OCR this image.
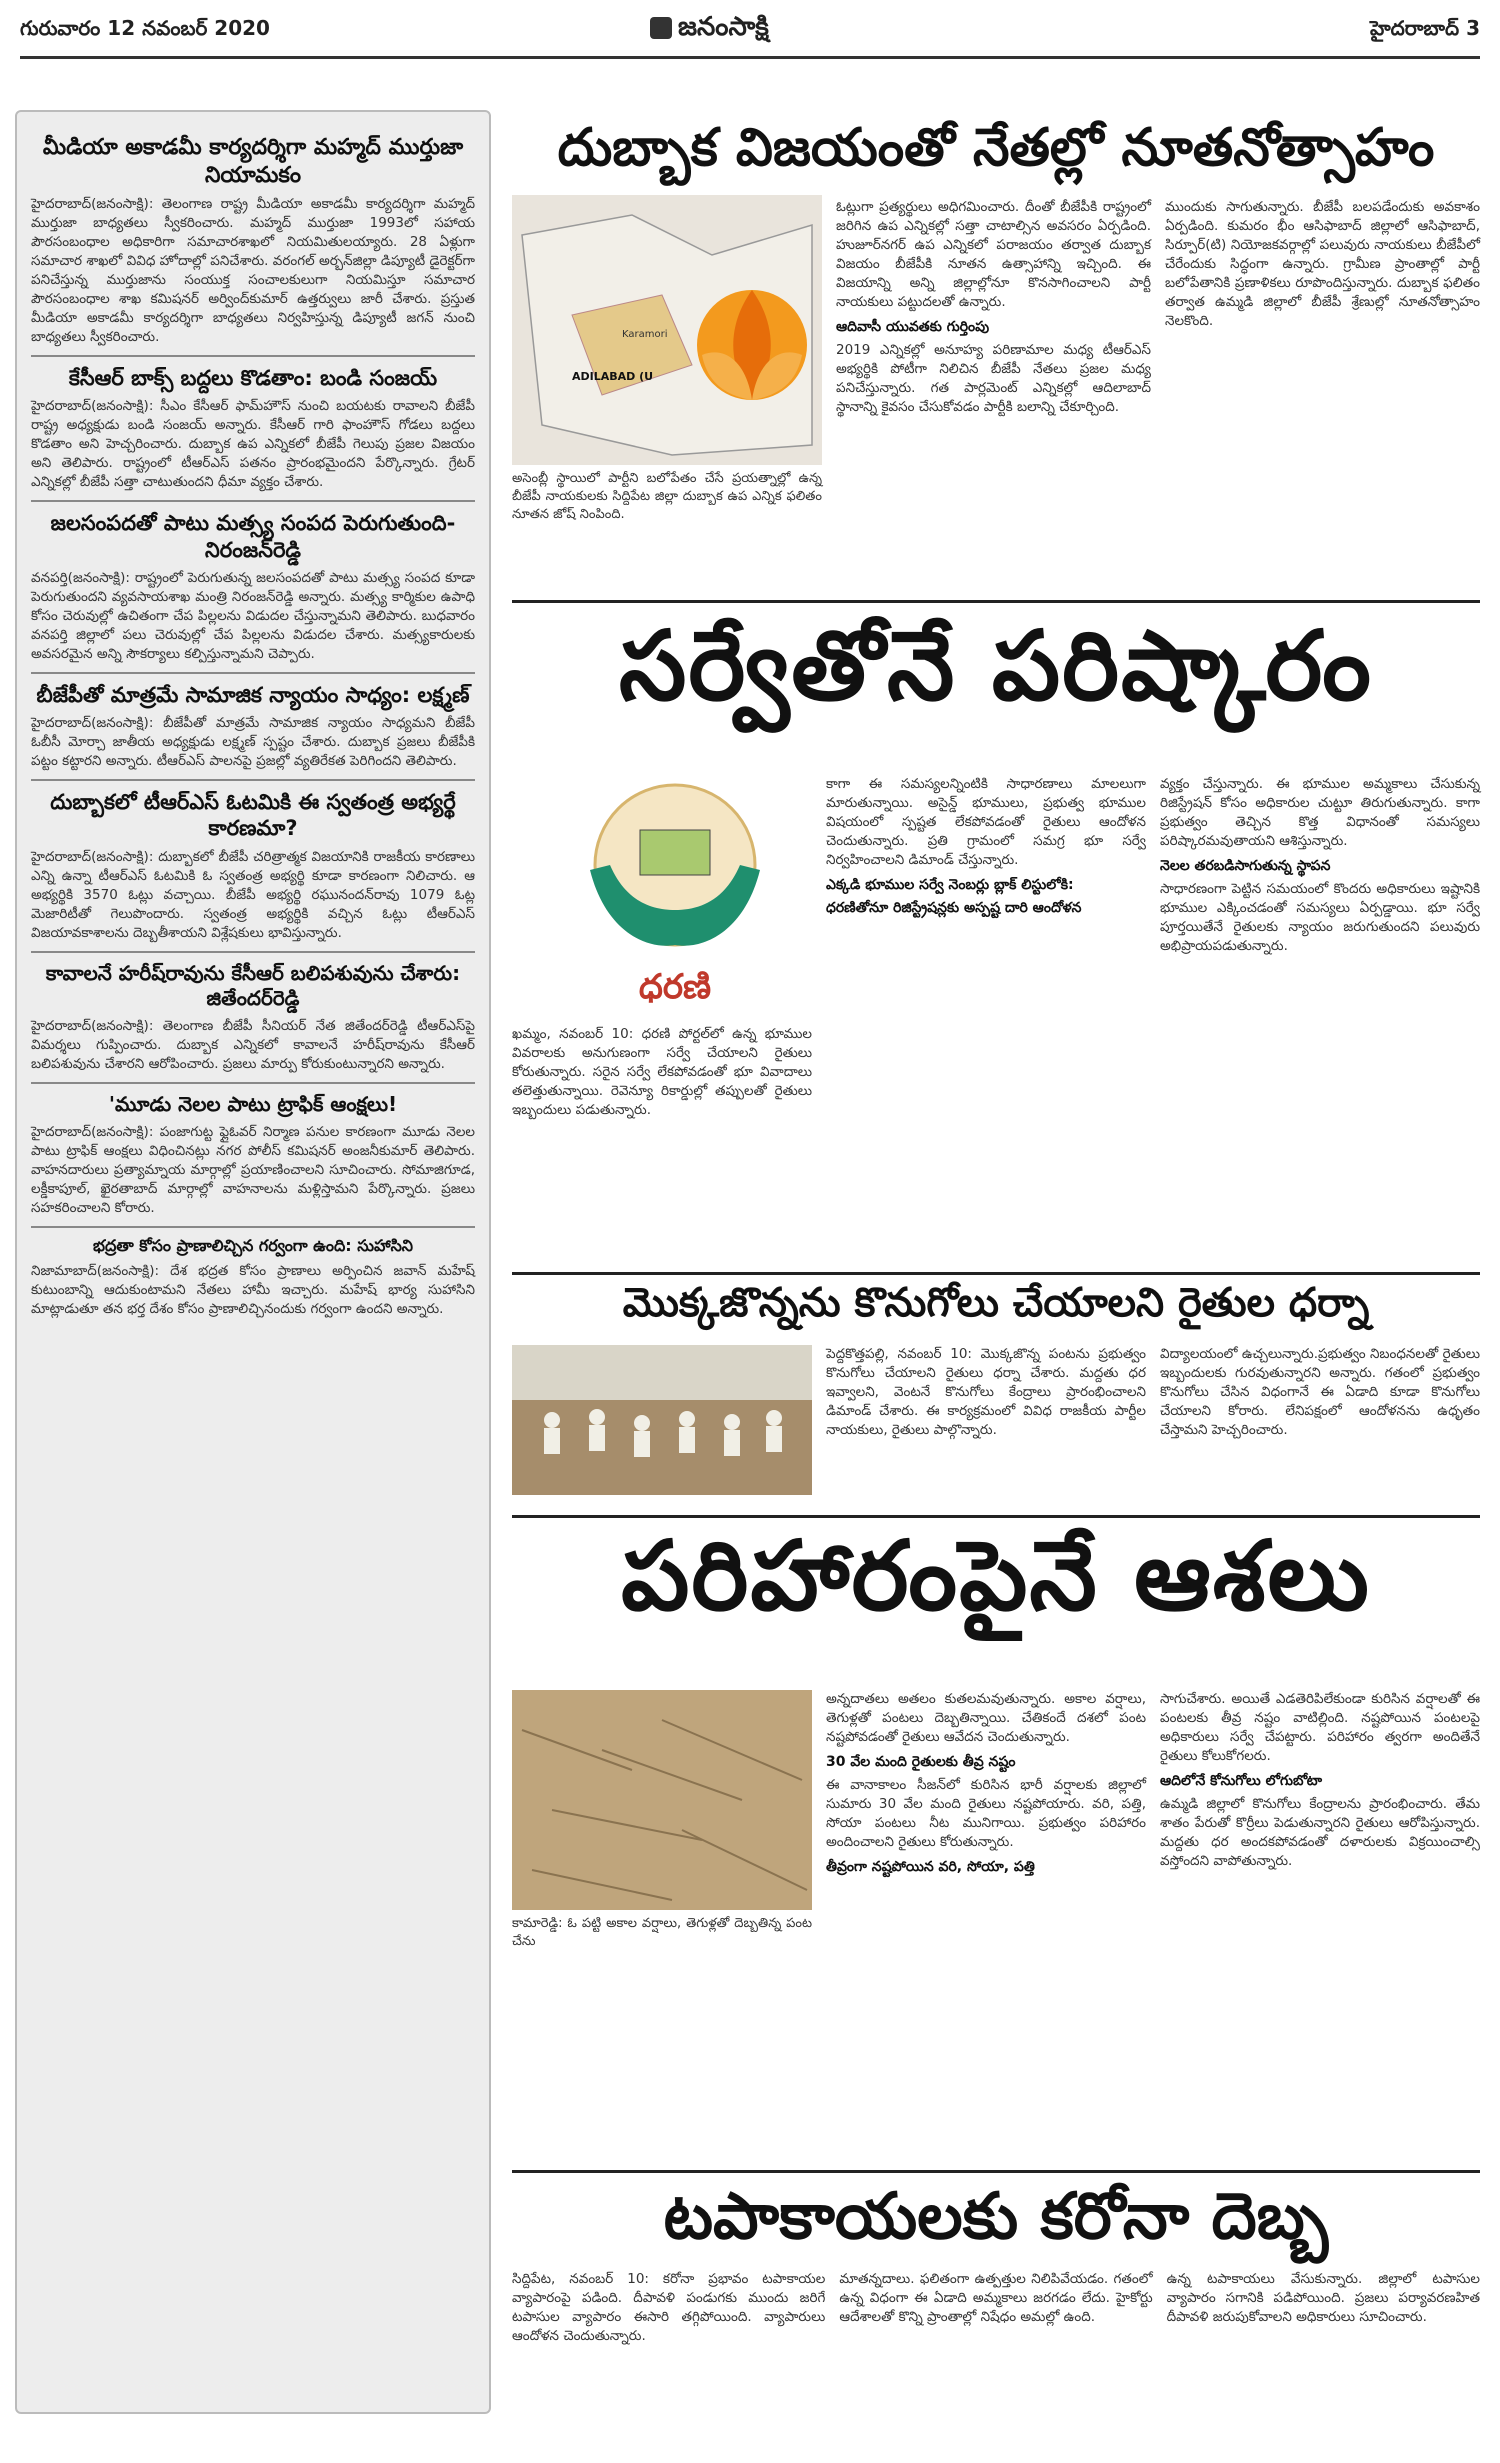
గురువారం 12 నవంబర్ 2020	జనంసాక్షి	హైదరాబాద్ 3
మీడియా అకాడమీ కార్యదర్శిగా మహ్మద్ ముర్తుజా నియామకం

హైదరాబాద్‌(జనంసాక్షి): తెలంగాణ రాష్ట్ర మీడియా అకాడమీ కార్యదర్శిగా మహ్మద్ ముర్తుజా బాధ్యతలు స్వీకరించారు. మహ్మద్ ముర్తుజా 1993లో సహాయ పౌరసంబంధాల అధికారిగా సమాచారశాఖలో నియమితులయ్యారు. 28 ఏళ్లుగా సమాచార శాఖలో వివిధ హోదాల్లో పనిచేశారు. వరంగల్ అర్బన్‌జిల్లా డిప్యూటీ డైరెక్టర్‌గా పనిచేస్తున్న ముర్తుజాను సంయుక్త సంచాలకులుగా నియమిస్తూ సమాచార పౌరసంబంధాల శాఖ కమిషనర్ అర్వింద్‌కుమార్ ఉత్తర్వులు జారీ చేశారు. ప్రస్తుత మీడియా అకాడమీ కార్యదర్శిగా బాధ్యతలు నిర్వహిస్తున్న డిప్యూటీ జగన్ నుంచి బాధ్యతలు స్వీకరించారు.

కేసీఆర్ బాక్స్ బద్దలు కొడతాం: బండి సంజయ్

హైదరాబాద్‌(జనంసాక్షి): సీఎం కేసీఆర్ ఫామ్‌హౌస్ నుంచి బయటకు రావాలని బీజేపీ రాష్ట్ర అధ్యక్షుడు బండి సంజయ్ అన్నారు. కేసీఆర్ గారి ఫాంహౌస్‌ గోడలు బద్దలు కొడతాం అని హెచ్చరించారు. దుబ్బాక ఉప ఎన్నికలో బీజేపీ గెలుపు ప్రజల విజయం అని తెలిపారు. రాష్ట్రంలో టీఆర్‌ఎస్ పతనం ప్రారంభమైందని పేర్కొన్నారు. గ్రేటర్ ఎన్నికల్లో బీజేపీ సత్తా చాటుతుందని ధీమా వ్యక్తం చేశారు.

జలసంపదతో పాటు మత్స్య సంపద పెరుగుతుంది- నిరంజన్‌రెడ్డి

వనపర్తి(జనంసాక్షి): రాష్ట్రంలో పెరుగుతున్న జలసంపదతో పాటు మత్స్య సంపద కూడా పెరుగుతుందని వ్యవసాయశాఖ మంత్రి నిరంజన్‌రెడ్డి అన్నారు. మత్స్య కార్మికుల ఉపాధి కోసం చెరువుల్లో ఉచితంగా చేప పిల్లలను విడుదల చేస్తున్నామని తెలిపారు. బుధవారం వనపర్తి జిల్లాలో పలు చెరువుల్లో చేప పిల్లలను విడుదల చేశారు. మత్స్యకారులకు అవసరమైన అన్ని సౌకర్యాలు కల్పిస్తున్నామని చెప్పారు.

బీజేపీతో మాత్రమే సామాజిక న్యాయం సాధ్యం: లక్ష్మణ్

హైదరాబాద్‌(జనంసాక్షి): బీజేపీతో మాత్రమే సామాజిక న్యాయం సాధ్యమని బీజేపీ ఓబీసీ మోర్చా జాతీయ అధ్యక్షుడు లక్ష్మణ్ స్పష్టం చేశారు. దుబ్బాక ప్రజలు బీజేపీకి పట్టం కట్టారని అన్నారు. టీఆర్‌ఎస్ పాలనపై ప్రజల్లో వ్యతిరేకత పెరిగిందని తెలిపారు.

దుబ్బాకలో టీఆర్‌ఎస్ ఓటమికి ఈ స్వతంత్ర అభ్యర్థే కారణమా?

హైదరాబాద్‌(జనంసాక్షి): దుబ్బాకలో బీజేపీ చరిత్రాత్మక విజయానికి రాజకీయ కారణాలు ఎన్ని ఉన్నా టీఆర్ఎస్ ఓటమికి ఓ స్వతంత్ర అభ్యర్థి కూడా కారణంగా నిలిచారు. ఆ అభ్యర్థికి 3570 ఓట్లు వచ్చాయి. బీజేపీ అభ్యర్థి రఘునందన్‌రావు 1079 ఓట్ల మెజారిటీతో గెలుపొందారు. స్వతంత్ర అభ్యర్థికి వచ్చిన ఓట్లు టీఆర్ఎస్ విజయావకాశాలను దెబ్బతీశాయని విశ్లేషకులు భావిస్తున్నారు.

కావాలనే హరీష్‌రావును కేసీఆర్ బలిపశువును చేశారు: జితేందర్‌రెడ్డి

హైదరాబాద్‌(జనంసాక్షి): తెలంగాణ బీజేపీ సీనియర్ నేత జితేందర్‌రెడ్డి టీఆర్‌ఎస్‌పై విమర్శలు గుప్పించారు. దుబ్బాక ఎన్నికలో కావాలనే హరీష్‌రావును కేసీఆర్ బలిపశువును చేశారని ఆరోపించారు. ప్రజలు మార్పు కోరుకుంటున్నారని అన్నారు.

'మూడు నెలల పాటు ట్రాఫిక్ ఆంక్షలు!

హైదరాబాద్‌(జనంసాక్షి): పంజాగుట్ట ఫ్లైఓవర్ నిర్మాణ పనుల కారణంగా మూడు నెలల పాటు ట్రాఫిక్ ఆంక్షలు విధించినట్లు నగర పోలీస్ కమిషనర్ అంజనీకుమార్ తెలిపారు. వాహనదారులు ప్రత్యామ్నాయ మార్గాల్లో ప్రయాణించాలని సూచించారు. సోమాజిగూడ, లక్డీకాపూల్, ఖైరతాబాద్ మార్గాల్లో వాహనాలను మళ్లిస్తామని పేర్కొన్నారు. ప్రజలు సహకరించాలని కోరారు.

భద్రతా కోసం ప్రాణాలిచ్చిన గర్వంగా ఉంది: సుహాసిని

నిజామాబాద్‌(జనంసాక్షి): దేశ భద్రత కోసం ప్రాణాలు అర్పించిన జవాన్ మహేష్ కుటుంబాన్ని ఆదుకుంటామని నేతలు హామీ ఇచ్చారు. మహేష్ భార్య సుహాసిని మాట్లాడుతూ తన భర్త దేశం కోసం ప్రాణాలిచ్చినందుకు గర్వంగా ఉందని అన్నారు.

దుబ్బాక విజయంతో నేతల్లో నూతనోత్సాహం
Karamori
ADILABAD (U
అసెంబ్లీ స్థాయిలో పార్టీని బలోపేతం చేసే ప్రయత్నాల్లో ఉన్న బీజేపీ నాయకులకు సిద్దిపేట జిల్లా దుబ్బాక ఉప ఎన్నిక ఫలితం నూతన జోష్ నింపింది.

ఓట్లుగా ప్రత్యర్థులు అధిగమించారు. దీంతో బీజేపీకి రాష్ట్రంలో జరిగిన ఉప ఎన్నికల్లో సత్తా చాటాల్సిన అవసరం ఏర్పడింది. హుజూర్‌నగర్ ఉప ఎన్నికలో పరాజయం తర్వాత దుబ్బాక విజయం బీజేపీకి నూతన ఉత్సాహాన్ని ఇచ్చింది. ఈ విజయాన్ని అన్ని జిల్లాల్లోనూ కొనసాగించాలని పార్టీ నాయకులు పట్టుదలతో ఉన్నారు.

ఆదివాసీ యువతకు గుర్తింపు

2019 ఎన్నికల్లో అనూహ్య పరిణామాల మధ్య టీఆర్‌ఎస్ అభ్యర్థికి పోటీగా నిలిచిన బీజేపీ నేతలు ప్రజల మధ్య పనిచేస్తున్నారు. గత పార్లమెంట్ ఎన్నికల్లో ఆదిలాబాద్ స్థానాన్ని కైవసం చేసుకోవడం పార్టీకి బలాన్ని చేకూర్చింది.

ముందుకు సాగుతున్నారు. బీజేపీ బలపడేందుకు అవకాశం ఏర్పడింది. కుమరం భీం ఆసిఫాబాద్ జిల్లాలో ఆసిఫాబాద్, సిర్పూర్(టి) నియోజకవర్గాల్లో పలువురు నాయకులు బీజేపీలో చేరేందుకు సిద్ధంగా ఉన్నారు. గ్రామీణ ప్రాంతాల్లో పార్టీ బలోపేతానికి ప్రణాళికలు రూపొందిస్తున్నారు. దుబ్బాక ఫలితం తర్వాత ఉమ్మడి జిల్లాలో బీజేపీ శ్రేణుల్లో నూతనోత్సాహం నెలకొంది.

సర్వేతోనే పరిష్కారం
ధరణి

ఖమ్మం, నవంబర్ 10: ధరణి పోర్టల్‌లో ఉన్న భూముల వివరాలకు అనుగుణంగా సర్వే చేయాలని రైతులు కోరుతున్నారు. సరైన సర్వే లేకపోవడంతో భూ వివాదాలు తలెత్తుతున్నాయి. రెవెన్యూ రికార్డుల్లో తప్పులతో రైతులు ఇబ్బందులు పడుతున్నారు.

కాగా ఈ సమస్యలన్నింటికి సాధారణాలు మాలలుగా మారుతున్నాయి. అసైన్డ్ భూములు, ప్రభుత్వ భూముల విషయంలో స్పష్టత లేకపోవడంతో రైతులు ఆందోళన చెందుతున్నారు. ప్రతి గ్రామంలో సమగ్ర భూ సర్వే నిర్వహించాలని డిమాండ్ చేస్తున్నారు.

ఎక్కడి భూముల సర్వే నెంబర్లు బ్లాక్ లిస్టులోకి:
ధరణితోనూ రిజిస్ట్రేషన్లకు అస్పష్ట దారి ఆందోళన

వ్యక్తం చేస్తున్నారు. ఈ భూముల అమ్మకాలు చేసుకున్న రిజిస్ట్రేషన్ కోసం అధికారుల చుట్టూ తిరుగుతున్నారు. కాగా ప్రభుత్వం తెచ్చిన కొత్త విధానంతో సమస్యలు పరిష్కారమవుతాయని ఆశిస్తున్నారు.

నెలల తరబడిసాగుతున్న స్థాపన

సాధారణంగా పెట్టిన సమయంలో కొందరు అధికారులు ఇష్టానికి భూముల ఎక్కించడంతో సమస్యలు ఏర్పడ్డాయి. భూ సర్వే పూర్తయితేనే రైతులకు న్యాయం జరుగుతుందని పలువురు అభిప్రాయపడుతున్నారు.

మొక్కజొన్నను కొనుగోలు చేయాలని రైతుల ధర్నా

పెద్దకొత్తపల్లి, నవంబర్ 10: మొక్కజొన్న పంటను ప్రభుత్వం కొనుగోలు చేయాలని రైతులు ధర్నా చేశారు. మద్దతు ధర ఇవ్వాలని, వెంటనే కొనుగోలు కేంద్రాలు ప్రారంభించాలని డిమాండ్ చేశారు. ఈ కార్యక్రమంలో వివిధ రాజకీయ పార్టీల నాయకులు, రైతులు పాల్గొన్నారు.

విద్యాలయంలో ఉచ్చలున్నారు.ప్రభుత్వం నిబంధనలతో రైతులు ఇబ్బందులకు గురవుతున్నారని అన్నారు. గతంలో ప్రభుత్వం కొనుగోలు చేసిన విధంగానే ఈ ఏడాది కూడా కొనుగోలు చేయాలని కోరారు. లేనిపక్షంలో ఆందోళనను ఉధృతం చేస్తామని హెచ్చరించారు.

పరిహారంపైనే ఆశలు
కామారెడ్డి: ఓ పట్టి అకాల వర్షాలు, తెగుళ్లతో దెబ్బతిన్న పంట చేను

అన్నదాతలు అతలం కుతలమవుతున్నారు. అకాల వర్షాలు, తెగుళ్లతో పంటలు దెబ్బతిన్నాయి. చేతికందే దశలో పంట నష్టపోవడంతో రైతులు ఆవేదన చెందుతున్నారు.

30 వేల మంది రైతులకు తీవ్ర నష్టం

ఈ వానాకాలం సీజన్‌లో కురిసిన భారీ వర్షాలకు జిల్లాలో సుమారు 30 వేల మంది రైతులు నష్టపోయారు. వరి, పత్తి, సోయా పంటలు నీట మునిగాయి. ప్రభుత్వం పరిహారం అందించాలని రైతులు కోరుతున్నారు.

తీవ్రంగా నష్టపోయిన వరి, సోయా, పత్తి

సాగుచేశారు. అయితే ఎడతెరిపిలేకుండా కురిసిన వర్షాలతో ఈ పంటలకు తీవ్ర నష్టం వాటిల్లింది. నష్టపోయిన పంటలపై అధికారులు సర్వే చేపట్టారు. పరిహారం త్వరగా అందితేనే రైతులు కోలుకోగలరు.

ఆదిలోనే కోనుగోలు లోగుబోటా

ఉమ్మడి జిల్లాలో కొనుగోలు కేంద్రాలను ప్రారంభించారు. తేమ శాతం పేరుతో కొర్రీలు పెడుతున్నారని రైతులు ఆరోపిస్తున్నారు. మద్దతు ధర అందకపోవడంతో దళారులకు విక్రయించాల్సి వస్తోందని వాపోతున్నారు.

టపాకాయలకు కరోనా దెబ్బ

సిద్దిపేట, నవంబర్ 10: కరోనా ప్రభావం టపాకాయల వ్యాపారంపై పడింది. దీపావళి పండుగకు ముందు జరిగే టపాసుల వ్యాపారం ఈసారి తగ్గిపోయింది. వ్యాపారులు ఆందోళన చెందుతున్నారు.

మాతన్నదాలు. ఫలితంగా ఉత్పత్తుల నిలిపివేయడం. గతంలో ఉన్న విధంగా ఈ ఏడాది అమ్మకాలు జరగడం లేదు. హైకోర్టు ఆదేశాలతో కొన్ని ప్రాంతాల్లో నిషేధం అమల్లో ఉంది.

ఉన్న టపాకాయలు వేసుకున్నారు. జిల్లాలో టపాసుల వ్యాపారం సగానికి పడిపోయింది. ప్రజలు పర్యావరణహిత దీపావళి జరుపుకోవాలని అధికారులు సూచించారు.
